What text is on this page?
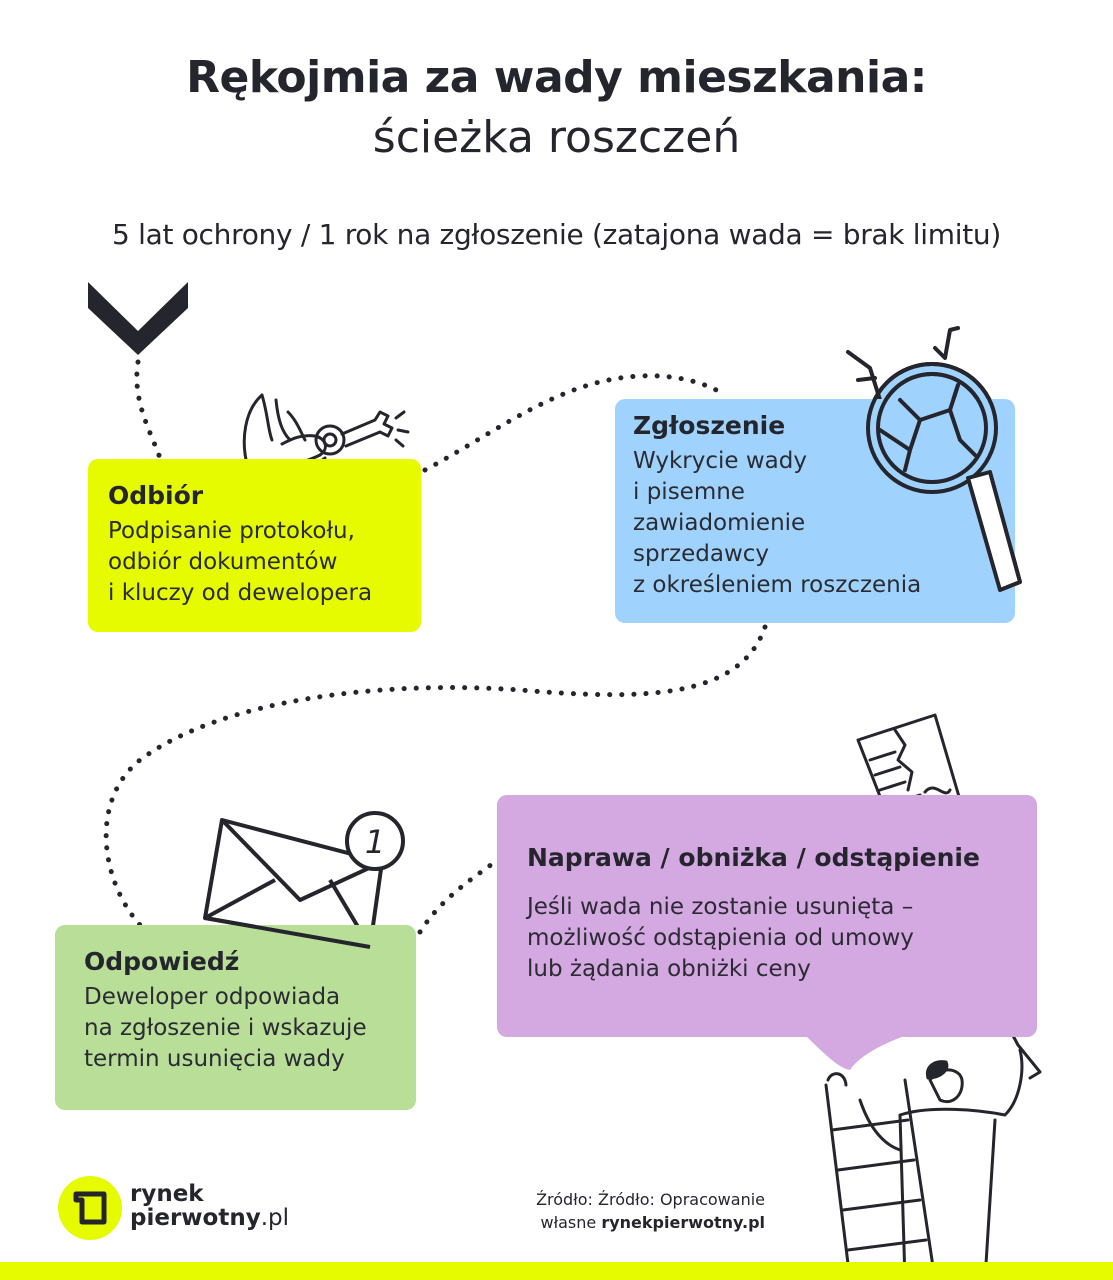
1
Rękojmia za wady mieszkania:
ścieżka roszczeń
5 lat ochrony / 1 rok na zgłoszenie (zatajona wada = brak limitu)
Odbiór

Podpisanie protokołu,
odbiór dokumentów
i kluczy od dewelopera

Zgłoszenie

Wykrycie wady
i pisemne
zawiadomienie
sprzedawcy
z określeniem roszczenia

Odpowiedź

Deweloper odpowiada
na zgłoszenie i wskazuje
termin usunięcia wady

Naprawa / obniżka / odstąpienie

Jeśli wada nie zostanie usunięta –
możliwość odstąpienia od umowy
lub żądania obniżki ceny

rynek
pierwotny.pl
Źródło: Źródło: Opracowanie
własne rynekpierwotny.pl
